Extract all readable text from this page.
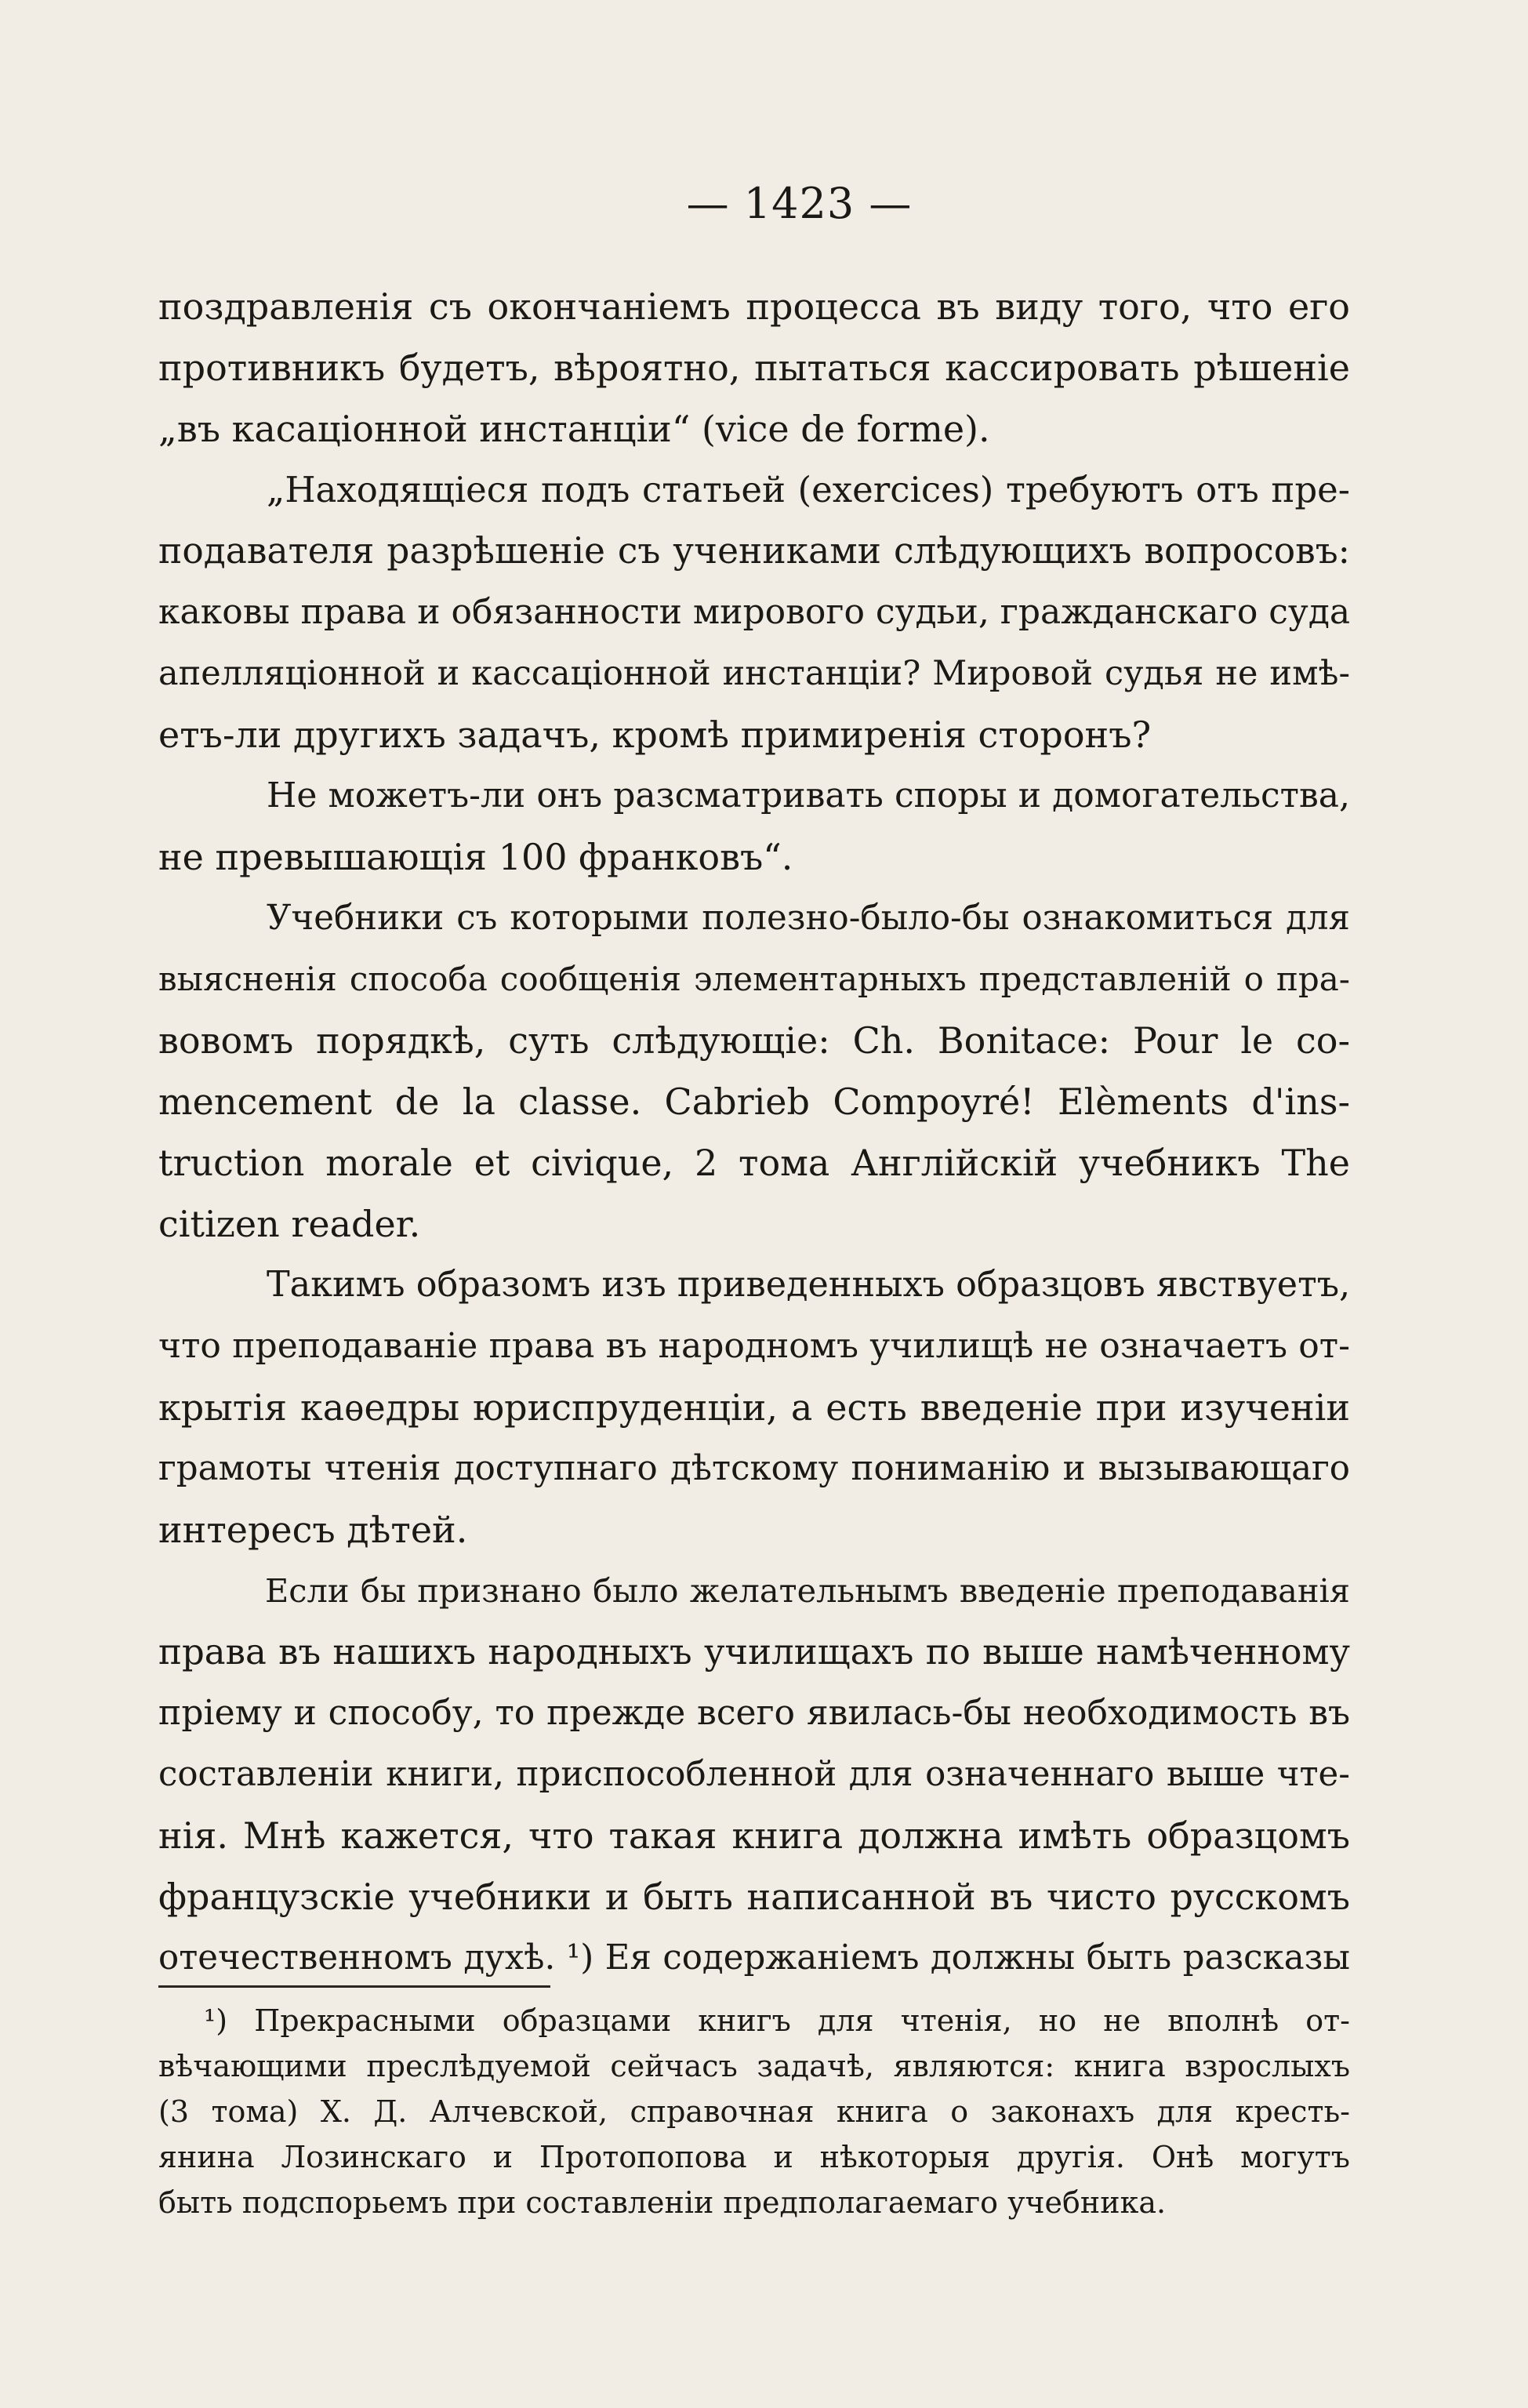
— 1423 —
поздравленія съ окончаніемъ процесса въ виду того, что его
противникъ будетъ, вѣроятно, пытаться кассировать рѣшеніе
„въ касаціонной инстанціи“ (vice de forme).
„Находящіеся подъ статьей (exercices) требуютъ отъ пре-
подавателя разрѣшеніе съ учениками слѣдующихъ вопросовъ:
каковы права и обязанности мирового судьи, гражданскаго суда
апелляціонной и кассаціонной инстанціи? Мировой судья не имѣ-
етъ-ли другихъ задачъ, кромѣ примиренія сторонъ?
Не можетъ-ли онъ разсматривать споры и домогательства,
не превышающія 100 франковъ“.
Учебники съ которыми полезно-было-бы ознакомиться для
выясненія способа сообщенія элементарныхъ представленій о пра-
вовомъ порядкѣ, суть слѣдующіе: Ch. Bonitace: Pour le co-
mencement de la classe. Cabrieb Compoyré! Elèments d'ins-
truction morale et civique, 2 тома Англійскій учебникъ The
citizen reader.
Такимъ образомъ изъ приведенныхъ образцовъ явствуетъ,
что преподаваніе права въ народномъ училищѣ не означаетъ от-
крытія каѳедры юриспруденціи, а есть введеніе при изученіи
грамоты чтенія доступнаго дѣтскому пониманію и вызывающаго
интересъ дѣтей.
Если бы признано было желательнымъ введеніе преподаванія
права въ нашихъ народныхъ училищахъ по выше намѣченному
пріему и способу, то прежде всего явилась-бы необходимость въ
составленіи книги, приспособленной для означеннаго выше чте-
нія. Мнѣ кажется, что такая книга должна имѣть образцомъ
французскіе учебники и быть написанной въ чисто русскомъ
отечественномъ духѣ. ¹) Ея содержаніемъ должны быть разсказы
¹) Прекрасными образцами книгъ для чтенія, но не вполнѣ от-
вѣчающими преслѣдуемой сейчасъ задачѣ, являются: книга взрослыхъ
(3 тома) Х. Д. Алчевской, справочная книга о законахъ для кресть-
янина Лозинскаго и Протопопова и нѣкоторыя другія. Онѣ могутъ
быть подспорьемъ при составленіи предполагаемаго учебника.
